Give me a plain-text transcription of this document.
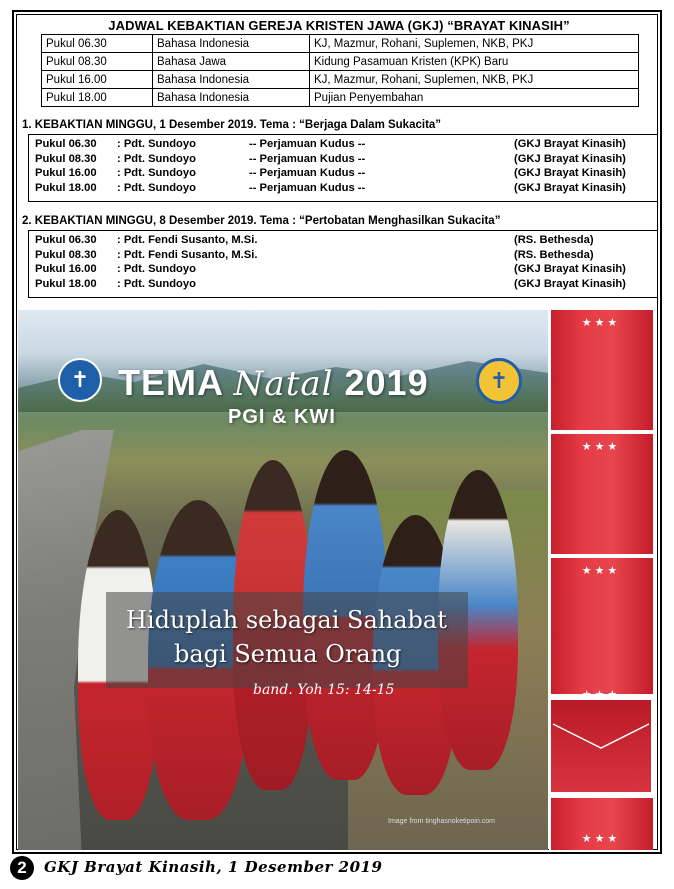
JADWAL KEBAKTIAN GEREJA KRISTEN JAWA (GKJ) “BRAYAT KINASIH”
Pukul 06.30	Bahasa Indonesia	KJ, Mazmur, Rohani, Suplemen, NKB, PKJ
Pukul 08.30	Bahasa Jawa	Kidung Pasamuan Kristen (KPK) Baru
Pukul 16.00	Bahasa Indonesia	KJ, Mazmur, Rohani, Suplemen, NKB, PKJ
Pukul 18.00	Bahasa Indonesia	Pujian Penyembahan
1. KEBAKTIAN MINGGU, 1 Desember 2019. Tema : “Berjaga Dalam Sukacita”
Pukul 06.30 : Pdt. Sundoyo	-- Perjamuan Kudus --	(GKJ Brayat Kinasih)
Pukul 08.30 : Pdt. Sundoyo	-- Perjamuan Kudus --	(GKJ Brayat Kinasih)
Pukul 16.00 : Pdt. Sundoyo	-- Perjamuan Kudus --	(GKJ Brayat Kinasih)
Pukul 18.00 : Pdt. Sundoyo	-- Perjamuan Kudus --	(GKJ Brayat Kinasih)
2. KEBAKTIAN MINGGU, 8 Desember 2019. Tema : “Pertobatan Menghasilkan Sukacita”
Pukul 06.30 : Pdt. Fendi Susanto, M.Si.	(RS. Bethesda)
Pukul 08.30 : Pdt. Fendi Susanto, M.Si.	(RS. Bethesda)
Pukul 16.00 : Pdt. Sundoyo	(GKJ Brayat Kinasih)
Pukul 18.00 : Pdt. Sundoyo	(GKJ Brayat Kinasih)
✝	✝
TEMA Natal 2019
PGI & KWI
Hiduplah sebagai Sahabat
bagi Semua Orang
band. Yoh 15: 14-15
Image from tinghasnoketipoin.com
★★★
★★★
★★★
★★★
★★★
2	GKJ Brayat Kinasih, 1 Desember 2019
